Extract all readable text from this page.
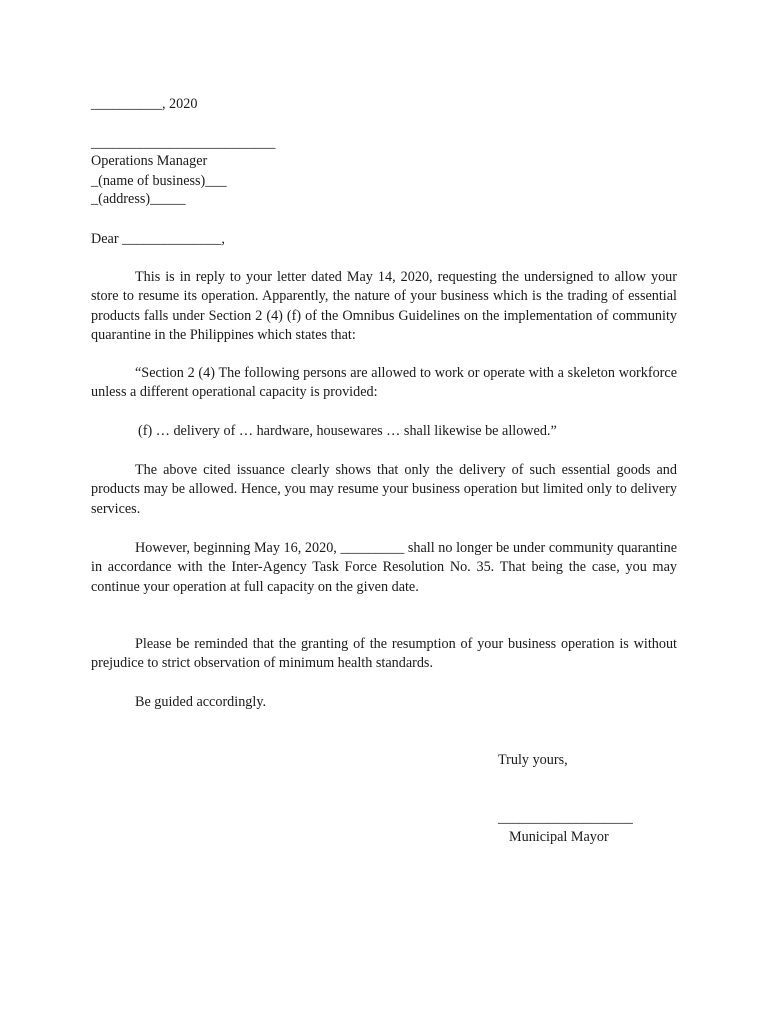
__________, 2020
__________________________
Operations Manager
_(name of business)___
_(address)_____
Dear ______________,
This is in reply to your letter dated May 14, 2020, requesting the undersigned to allow your store to resume its operation. Apparently, the nature of your business which is the trading of essential products falls under Section 2 (4) (f) of the Omnibus Guidelines on the implementation of community quarantine in the Philippines which states that:
“Section 2 (4) The following persons are allowed to work or operate with a skeleton workforce unless a different operational capacity is provided:
(f) … delivery of … hardware, housewares … shall likewise be allowed.”
The above cited issuance clearly shows that only the delivery of such essential goods and products may be allowed. Hence, you may resume your business operation but limited only to delivery services.
However, beginning May 16, 2020, _________ shall no longer be under community quarantine in accordance with the Inter-Agency Task Force Resolution No. 35. That being the case, you may continue your operation at full capacity on the given date.
Please be reminded that the granting of the resumption of your business operation is without prejudice to strict observation of minimum health standards.
Be guided accordingly.
Truly yours,
___________________
Municipal Mayor
